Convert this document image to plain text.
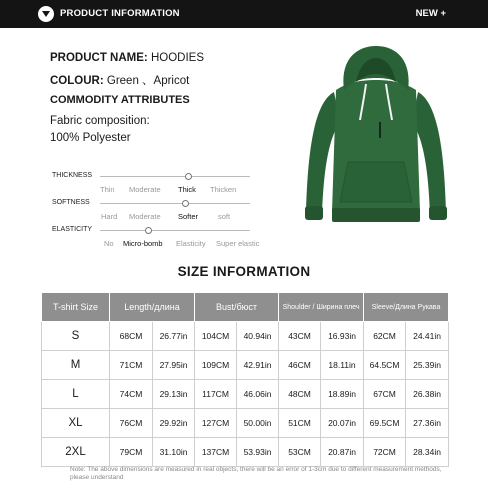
PRODUCT INFORMATION	NEW +
PRODUCT NAME: HOODIES
COLOUR: Green 、Apricot
COMMODITY ATTRIBUTES
Fabric composition:
100% Polyester
THICKNESS
Thin Moderate Thick Thicken
SOFTNESS
Hard Moderate Softer	soft
ELASTICITY
No Micro-bomb Elasticity Super elastic
SIZE INFORMATION
T-shirt Size	Length/длина		Bust/бюст		Shoulder / Ширина плеч		Sleeve/Длина Рукава	
S	68CM	26.77in	104CM	40.94in	43CM	16.93in	62CM	24.41in
M	71CM	27.95in	109CM	42.91in	46CM	18.11in	64.5CM	25.39in
L	74CM	29.13in	117CM	46.06in	48CM	18.89in	67CM	26.38in
XL	76CM	29.92in	127CM	50.00in	51CM	20.07in	69.5CM	27.36in
2XL	79CM	31.10in	137CM	53.93in	53CM	20.87in	72CM	28.34in
Note: The above dimensions are measured in real objects, there will be an error of 1-3cm due to different measurement methods, please understand
